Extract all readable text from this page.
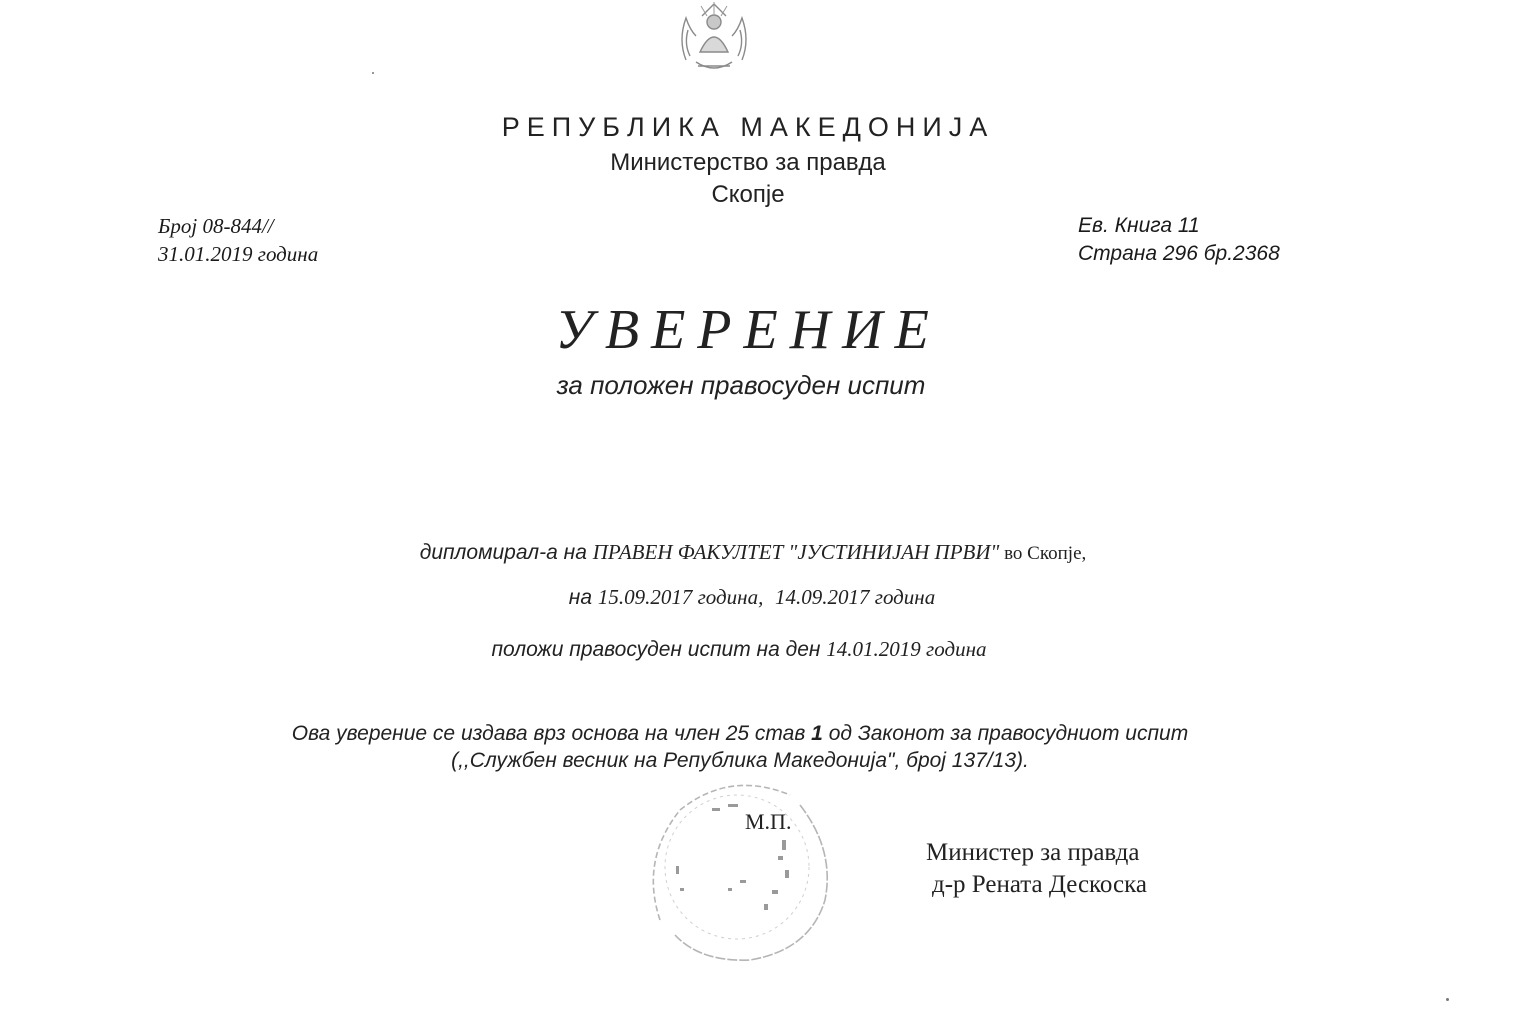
РЕПУБЛИКА МАКЕДОНИЈА
Министерство за правда
Скопје
Број 08-844//
31.01.2019 година
Ев. Книга 11
Страна 296 бр.2368
УВЕРЕНИЕ
за положен правосуден испит
дипломирал-а на ПРАВЕН ФАКУЛТЕТ "ЈУСТИНИЈАН ПРВИ" во Скопје,
на 15.09.2017 година, 14.09.2017 година
положи правосуден испит на ден 14.01.2019 година
Ова уверение се издава врз основа на член 25 став 1 од Законот за правосудниот испит
(,,Службен весник на Република Македонија", број 137/13).
М.П.
Министер за правда
д-р Рената Дескоска
